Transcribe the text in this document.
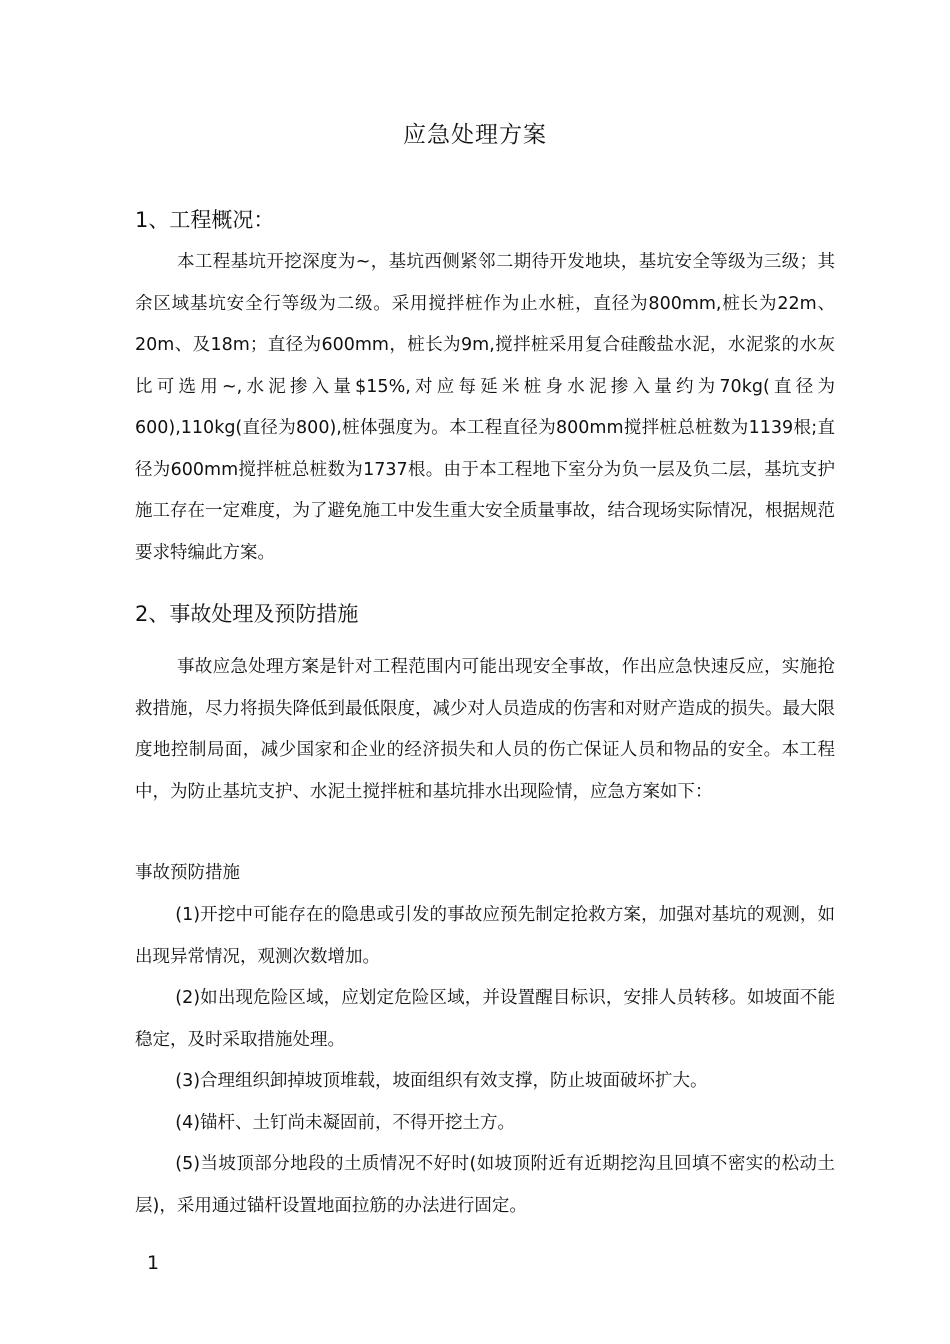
应急处理方案
1、工程概况：

本工程基坑开挖深度为~，基坑西侧紧邻二期待开发地块，基坑安全等级为三级；其余区域基坑安全行等级为二级。采用搅拌桩作为止水桩，直径为800mm,桩长为22m、20m、及18m；直径为600mm，桩长为9m,搅拌桩采用复合硅酸盐水泥，水泥浆的水灰比可选用~,水泥掺入量$15%,对应每延米桩身水泥掺入量约为70kg(直径为600),110kg(直径为800),桩体强度为。本工程直径为800mm搅拌桩总桩数为1139根;直径为600mm搅拌桩总桩数为1737根。由于本工程地下室分为负一层及负二层，基坑支护施工存在一定难度，为了避免施工中发生重大安全质量事故，结合现场实际情况，根据规范要求特编此方案。

2、事故处理及预防措施

事故应急处理方案是针对工程范围内可能出现安全事故，作出应急快速反应，实施抢救措施，尽力将损失降低到最低限度，减少对人员造成的伤害和对财产造成的损失。最大限度地控制局面，减少国家和企业的经济损失和人员的伤亡保证人员和物品的安全。本工程中，为防止基坑支护、水泥土搅拌桩和基坑排水出现险情，应急方案如下：

事故预防措施

(1)开挖中可能存在的隐患或引发的事故应预先制定抢救方案，加强对基坑的观测，如出现异常情况，观测次数增加。

(2)如出现危险区域，应划定危险区域，并设置醒目标识，安排人员转移。如坡面不能稳定，及时采取措施处理。

(3)合理组织卸掉坡顶堆载，坡面组织有效支撑，防止坡面破坏扩大。

(4)锚杆、土钉尚未凝固前，不得开挖土方。

(5)当坡顶部分地段的土质情况不好时(如坡顶附近有近期挖沟且回填不密实的松动土层)，采用通过锚杆设置地面拉筋的办法进行固定。

1
